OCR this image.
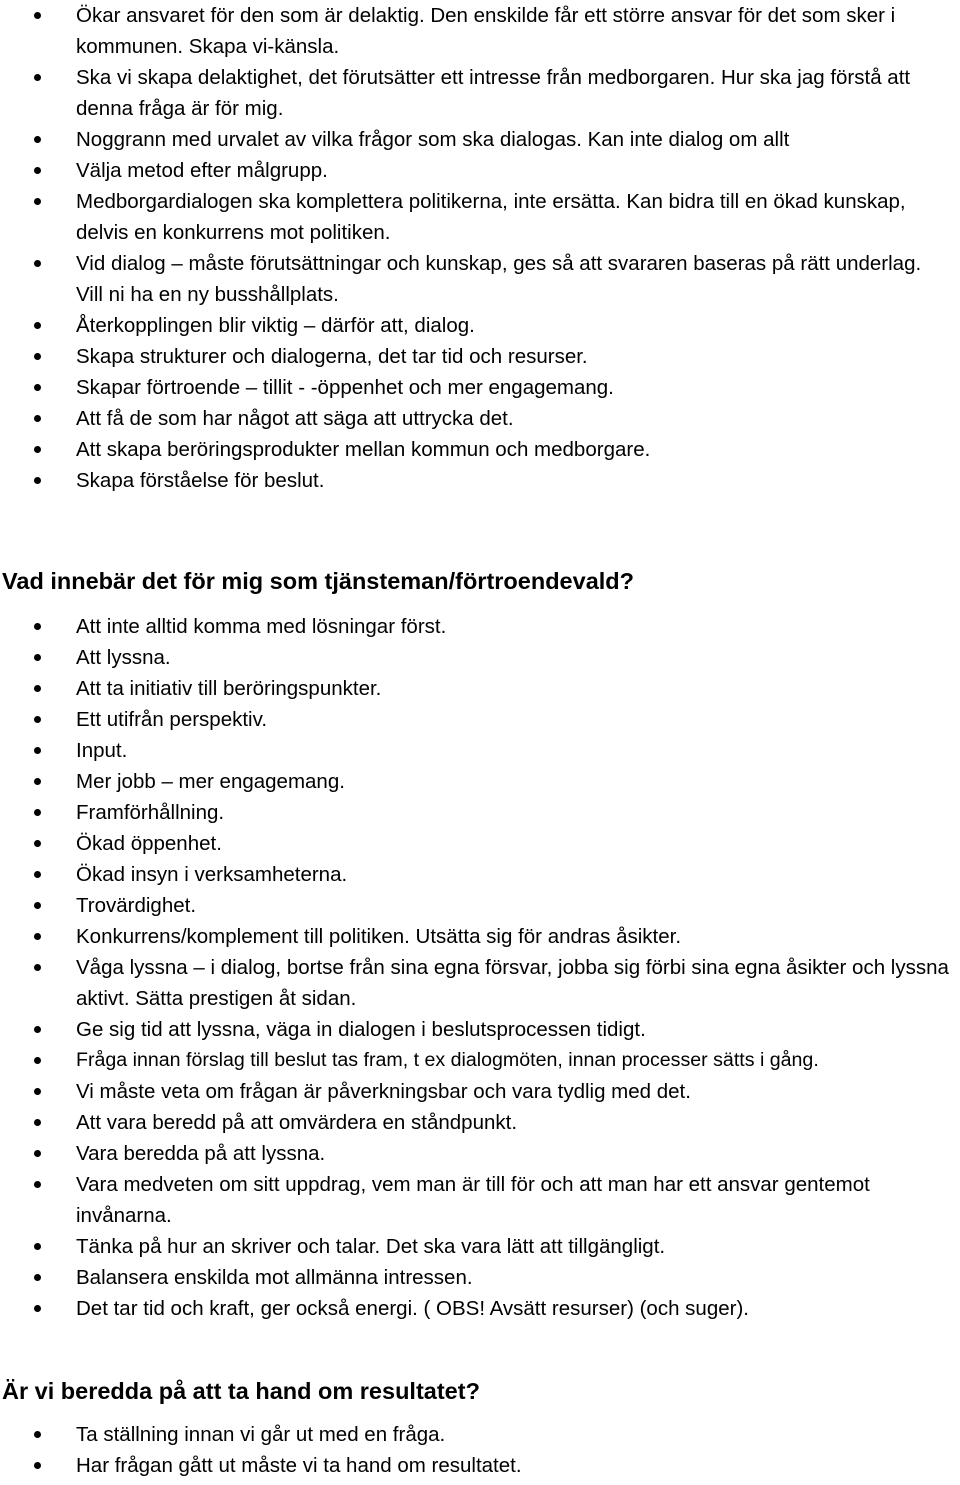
Ökar ansvaret för den som är delaktig. Den enskilde får ett större ansvar för det som sker i kommunen. Skapa vi-känsla.
Ska vi skapa delaktighet, det förutsätter ett intresse från medborgaren. Hur ska jag förstå att denna fråga är för mig.
Noggrann med urvalet av vilka frågor som ska dialogas. Kan inte dialog om allt
Välja metod efter målgrupp.
Medborgardialogen ska komplettera politikerna, inte ersätta. Kan bidra till en ökad kunskap, delvis en konkurrens mot politiken.
Vid dialog – måste förutsättningar och kunskap, ges så att svararen baseras på rätt underlag. Vill ni ha en ny busshållplats.
Återkopplingen blir viktig – därför att, dialog.
Skapa strukturer och dialogerna, det tar tid och resurser.
Skapar förtroende – tillit - -öppenhet och mer engagemang.
Att få de som har något att säga att uttrycka det.
Att skapa beröringsprodukter mellan kommun och medborgare.
Skapa förståelse för beslut.
Vad innebär det för mig som tjänsteman/förtroendevald?
Att inte alltid komma med lösningar först.
Att lyssna.
Att ta initiativ till beröringspunkter.
Ett utifrån perspektiv.
Input.
Mer jobb – mer engagemang.
Framförhållning.
Ökad öppenhet.
Ökad insyn i verksamheterna.
Trovärdighet.
Konkurrens/komplement till politiken. Utsätta sig för andras åsikter.
Våga lyssna – i dialog, bortse från sina egna försvar, jobba sig förbi sina egna åsikter och lyssna aktivt. Sätta prestigen åt sidan.
Ge sig tid att lyssna, väga in dialogen i beslutsprocessen tidigt.
Fråga innan förslag till beslut tas fram, t ex dialogmöten, innan processer sätts i gång.
Vi måste veta om frågan är påverkningsbar och vara tydlig med det.
Att vara beredd på att omvärdera en ståndpunkt.
Vara beredda på att lyssna.
Vara medveten om sitt uppdrag, vem man är till för och att man har ett ansvar gentemot invånarna.
Tänka på hur an skriver och talar. Det ska vara lätt att tillgängligt.
Balansera enskilda mot allmänna intressen.
Det tar tid och kraft, ger också energi. ( OBS! Avsätt resurser) (och suger).
Är vi beredda på att ta hand om resultatet?
Ta ställning innan vi går ut med en fråga.
Har frågan gått ut måste vi ta hand om resultatet.
